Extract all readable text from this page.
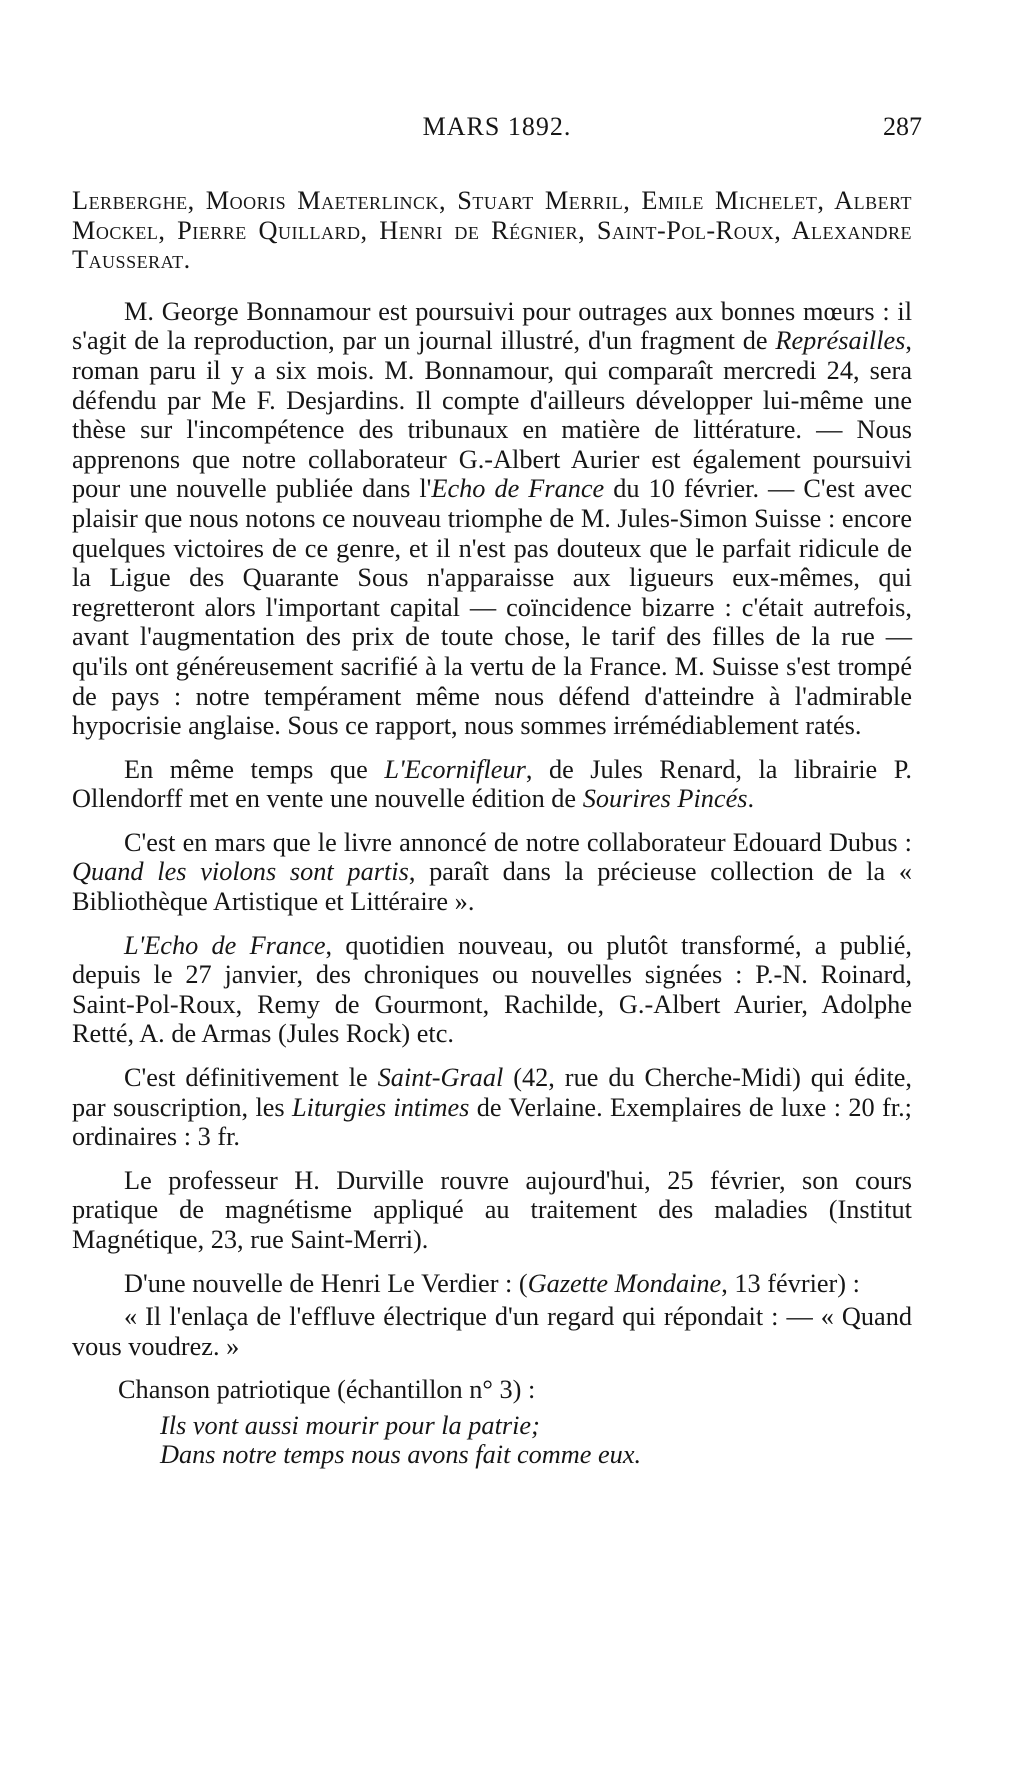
MARS 1892.	287

Lerberghe, Mooris Maeterlinck, Stuart Merril, Emile Michelet, Albert Mockel, Pierre Quillard, Henri de Régnier, Saint-Pol-Roux, Alexandre Tausserat.

M. George Bonnamour est poursuivi pour outrages aux bonnes mœurs : il s'agit de la reproduction, par un journal illustré, d'un fragment de Représailles, roman paru il y a six mois. M. Bonnamour, qui comparaît mercredi 24, sera défendu par Me F. Desjardins. Il compte d'ailleurs développer lui-même une thèse sur l'incompétence des tribunaux en matière de littérature. — Nous apprenons que notre collaborateur G.-Albert Aurier est également poursuivi pour une nouvelle publiée dans l'Echo de France du 10 février. — C'est avec plaisir que nous notons ce nouveau triomphe de M. Jules-Simon Suisse : encore quelques victoires de ce genre, et il n'est pas douteux que le parfait ridicule de la Ligue des Quarante Sous n'apparaisse aux ligueurs eux-mêmes, qui regretteront alors l'important capital — coïncidence bizarre : c'était autrefois, avant l'augmentation des prix de toute chose, le tarif des filles de la rue — qu'ils ont généreusement sacrifié à la vertu de la France. M. Suisse s'est trompé de pays : notre tempérament même nous défend d'atteindre à l'admirable hypocrisie anglaise. Sous ce rapport, nous sommes irrémédiablement ratés.

En même temps que L'Ecornifleur, de Jules Renard, la librairie P. Ollendorff met en vente une nouvelle édition de Sourires Pincés.

C'est en mars que le livre annoncé de notre collaborateur Edouard Dubus : Quand les violons sont partis, paraît dans la précieuse collection de la « Bibliothèque Artistique et Littéraire ».

L'Echo de France, quotidien nouveau, ou plutôt transformé, a publié, depuis le 27 janvier, des chroniques ou nouvelles signées : P.-N. Roinard, Saint-Pol-Roux, Remy de Gourmont, Rachilde, G.-Albert Aurier, Adolphe Retté, A. de Armas (Jules Rock) etc.

C'est définitivement le Saint-Graal (42, rue du Cherche-Midi) qui édite, par souscription, les Liturgies intimes de Verlaine. Exemplaires de luxe : 20 fr.; ordinaires : 3 fr.

Le professeur H. Durville rouvre aujourd'hui, 25 février, son cours pratique de magnétisme appliqué au traitement des maladies (Institut Magnétique, 23, rue Saint-Merri).

D'une nouvelle de Henri Le Verdier : (Gazette Mondaine, 13 février) :

« Il l'enlaça de l'effluve électrique d'un regard qui répondait : — « Quand vous voudrez. »

Chanson patriotique (échantillon n° 3) :
Ils vont aussi mourir pour la patrie;
Dans notre temps nous avons fait comme eux.
